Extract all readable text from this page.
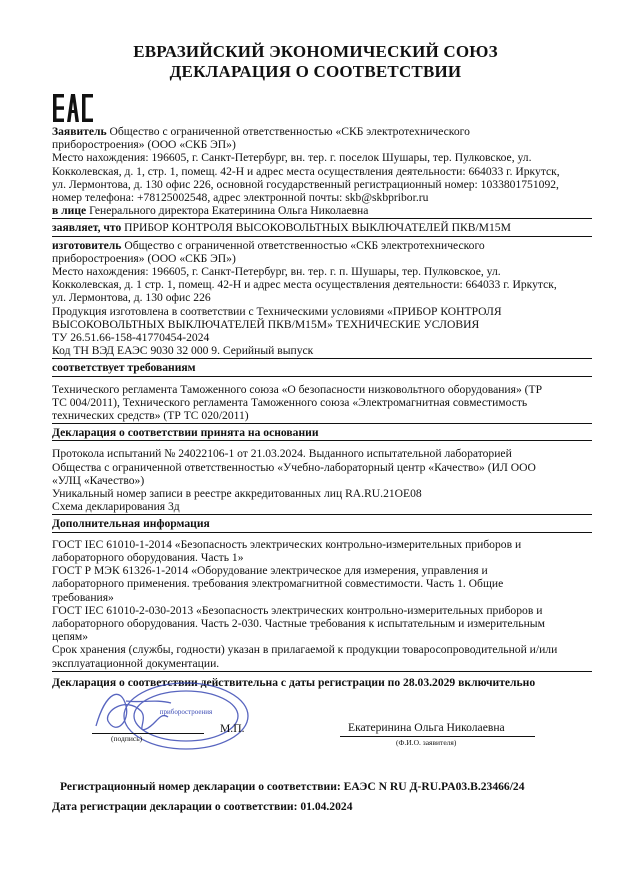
ЕВРАЗИЙСКИЙ ЭКОНОМИЧЕСКИЙ СОЮЗ
ДЕКЛАРАЦИЯ О СООТВЕТСТВИИ

Заявитель Общество с ограниченной ответственностью «СКБ электротехнического

приборостроения» (ООО «СКБ ЭП»)

Место нахождения: 196605, г. Санкт-Петербург, вн. тер. г. поселок Шушары, тер. Пулковское, ул.

Кокколевская, д. 1, стр. 1, помещ. 42-Н и адрес места осуществления деятельности: 664033 г. Иркутск,

ул. Лермонтова, д. 130 офис 226, основной государственный регистрационный номер: 1033801751092,

номер телефона: +78125002548, адрес электронной почты: skb@skbpribor.ru

в лице Генерального директора Екатеринина Ольга Николаевна

заявляет, что ПРИБОР КОНТРОЛЯ ВЫСОКОВОЛЬТНЫХ ВЫКЛЮЧАТЕЛЕЙ ПКВ/М15М

изготовитель Общество с ограниченной ответственностью «СКБ электротехнического

приборостроения» (ООО «СКБ ЭП»)

Место нахождения: 196605, г. Санкт-Петербург, вн. тер. г. п. Шушары, тер. Пулковское, ул.

Кокколевская, д. 1 стр. 1, помещ. 42-Н и адрес места осуществления деятельности: 664033 г. Иркутск,

ул. Лермонтова, д. 130 офис 226

Продукция изготовлена в соответствии с Техническими условиями «ПРИБОР КОНТРОЛЯ

ВЫСОКОВОЛЬТНЫХ ВЫКЛЮЧАТЕЛЕЙ ПКВ/М15М» ТЕХНИЧЕСКИЕ УСЛОВИЯ

ТУ 26.51.66-158-41770454-2024

Код ТН ВЭД ЕАЭС 9030 32 000 9. Серийный выпуск

соответствует требованиям

Технического регламента Таможенного союза «О безопасности низковольтного оборудования» (ТР

ТС 004/2011), Технического регламента Таможенного союза «Электромагнитная совместимость

технических средств» (ТР ТС 020/2011)

Декларация о соответствии принята на основании

Протокола испытаний № 24022106-1 от 21.03.2024. Выданного испытательной лабораторией

Общества с ограниченной ответственностью «Учебно-лабораторный центр «Качество» (ИЛ ООО

«УЛЦ «Качество»)

Уникальный номер записи в реестре аккредитованных лиц RA.RU.21OE08

Схема декларирования 3д

Дополнительная информация

ГОСТ IEC 61010-1-2014 «Безопасность электрических контрольно-измерительных приборов и

лабораторного оборудования. Часть 1»

ГОСТ Р МЭК 61326-1-2014 «Оборудование электрическое для измерения, управления и

лабораторного применения. требования электромагнитной совместимости. Часть 1. Общие

требования»

ГОСТ IEC 61010-2-030-2013 «Безопасность электрических контрольно-измерительных приборов и

лабораторного оборудования. Часть 2-030. Частные требования к испытательным и измерительным

цепям»

Срок хранения (службы, годности) указан в прилагаемой к продукции товаросопроводительной и/или

эксплуатационной документации.

Декларация о соответствии действительна с даты регистрации по 28.03.2029 включительно

приборостроения
(подпись)
М.П.	Екатеринина Ольга Николаевна
(Ф.И.О. заявителя)
Регистрационный номер декларации о соответствии: ЕАЭС N RU Д-RU.PA03.B.23466/24
Дата регистрации декларации о соответствии: 01.04.2024
